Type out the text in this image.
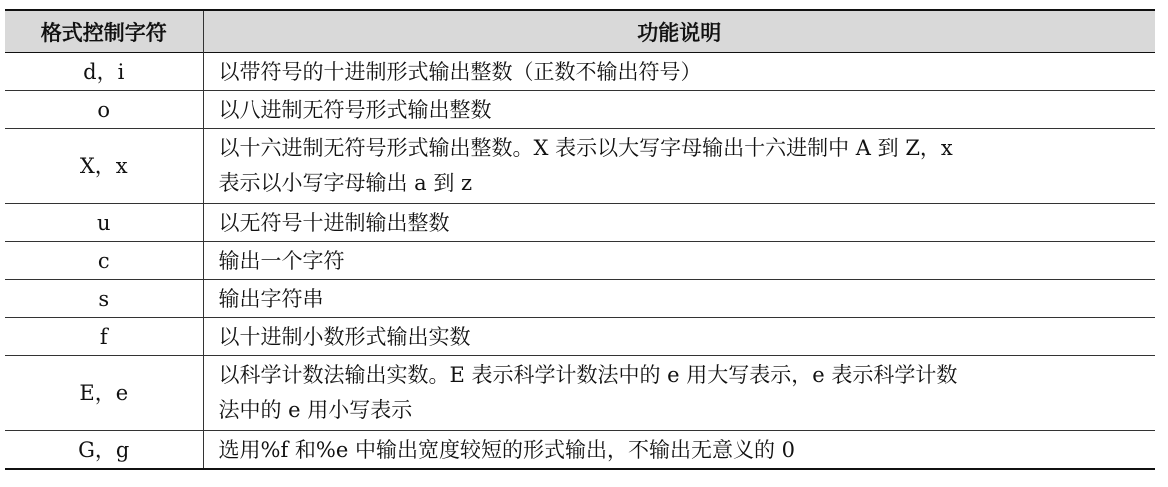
格式控制字符	功能说明
d，i	以带符号的十进制形式输出整数（正数不输出符号）
o	以八进制无符号形式输出整数
X，x	以十六进制无符号形式输出整数。X 表示以大写字母输出十六进制中 A 到 Z，x
表示以小写字母输出 a 到 z

u	以无符号十进制输出整数
c	输出一个字符
s	输出字符串
f	以十进制小数形式输出实数
E，e	以科学计数法输出实数。E 表示科学计数法中的 e 用大写表示，e 表示科学计数
法中的 e 用小写表示

G，g	选用%f 和%e 中输出宽度较短的形式输出，不输出无意义的 0
